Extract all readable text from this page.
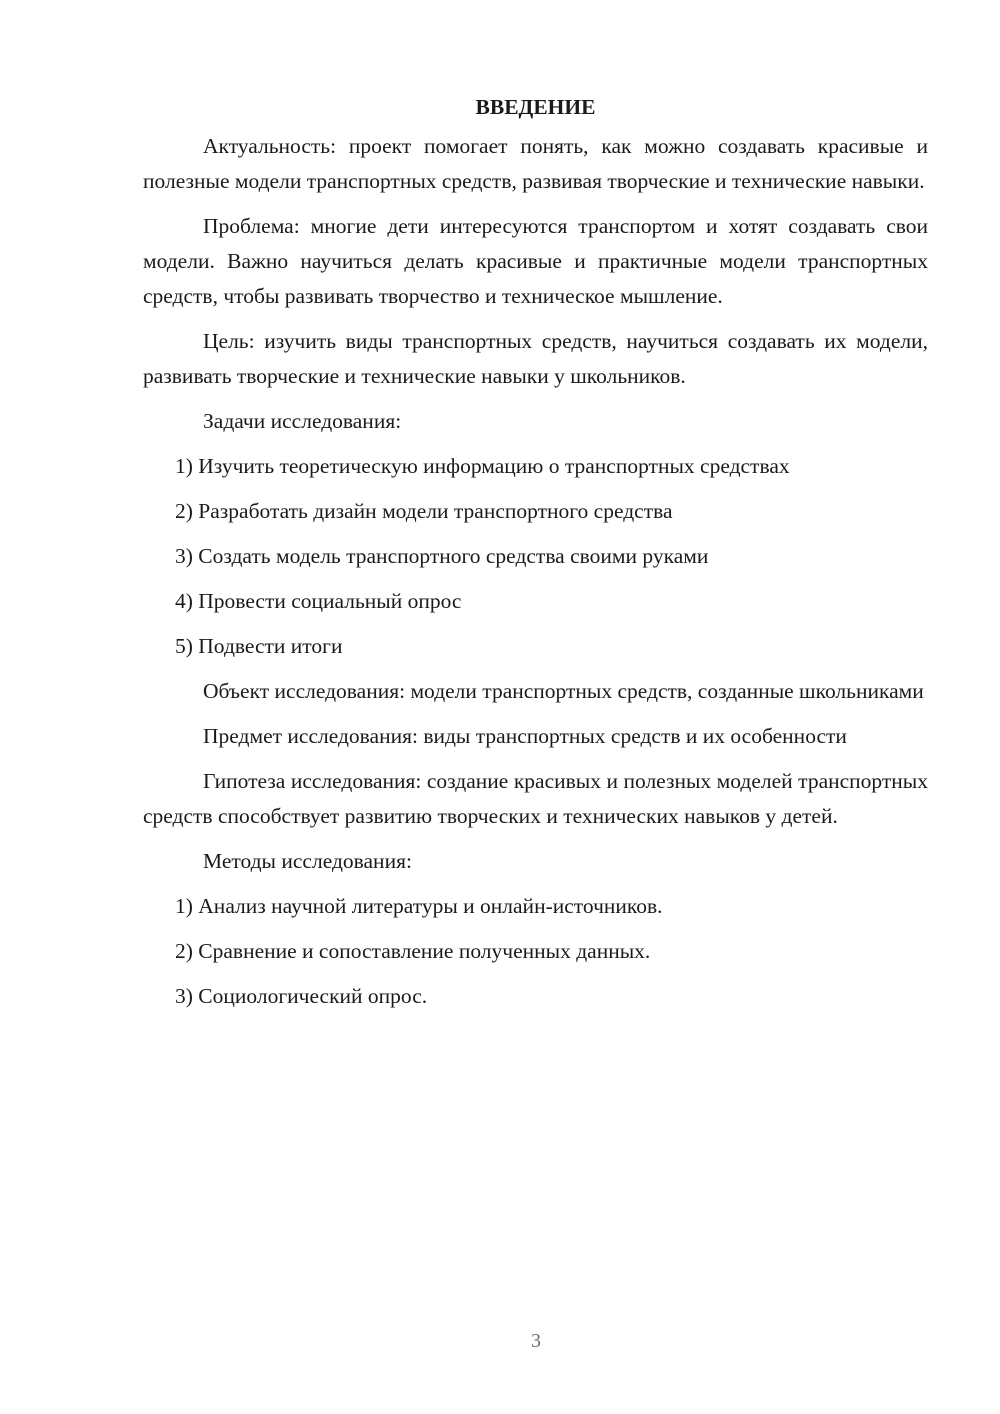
ВВЕДЕНИЕ

Актуальность: проект помогает понять, как можно создавать красивые и полезные модели транспортных средств, развивая творческие и технические навыки.

Проблема: многие дети интересуются транспортом и хотят создавать свои модели. Важно научиться делать красивые и практичные модели транспортных средств, чтобы развивать творчество и техническое мышление.

Цель: изучить виды транспортных средств, научиться создавать их модели, развивать творческие и технические навыки у школьников.

Задачи исследования:

1) Изучить теоретическую информацию о транспортных средствах

2) Разработать дизайн модели транспортного средства

3) Создать модель транспортного средства своими руками

4) Провести социальный опрос

5) Подвести итоги

Объект исследования: модели транспортных средств, созданные школьниками

Предмет исследования: виды транспортных средств и их особенности

Гипотеза исследования: создание красивых и полезных моделей транспортных средств способствует развитию творческих и технических навыков у детей.

Методы исследования:

1) Анализ научной литературы и онлайн-источников.

2) Сравнение и сопоставление полученных данных.

3) Социологический опрос.

3
